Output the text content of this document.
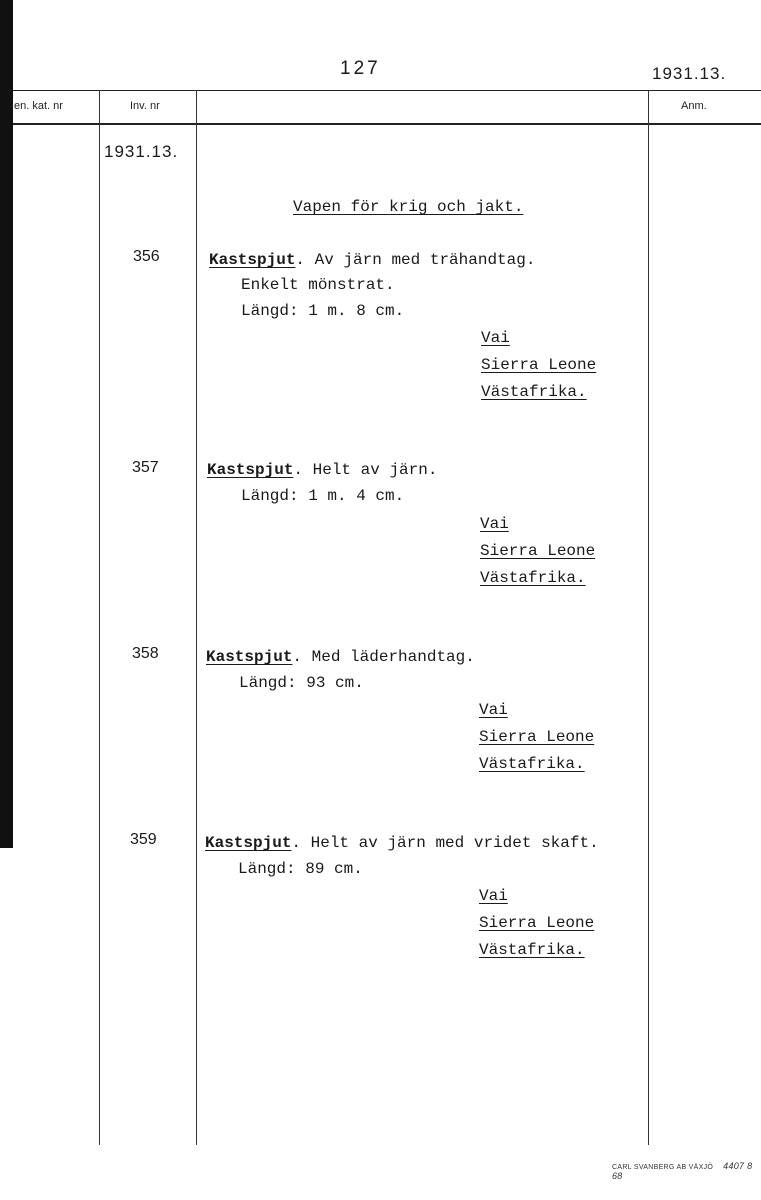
127	1931.13.
en. kat. nr	Inv. nr	Anm.
1931.13.
Vapen för krig och jakt.
356	Kastspjut. Av järn med trähandtag.
Enkelt mönstrat.
Längd: 1 m. 8 cm.
Vai
Sierra Leone
Västafrika.
357	Kastspjut. Helt av järn.
Längd: 1 m. 4 cm.
Vai
Sierra Leone
Västafrika.
358	Kastspjut. Med läderhandtag.
Längd: 93 cm.
Vai
Sierra Leone
Västafrika.
359	Kastspjut. Helt av järn med vridet skaft.
Längd: 89 cm.
Vai
Sierra Leone
Västafrika.
CARL SVANBERG AB VÄXJÖ 4407 8 68
